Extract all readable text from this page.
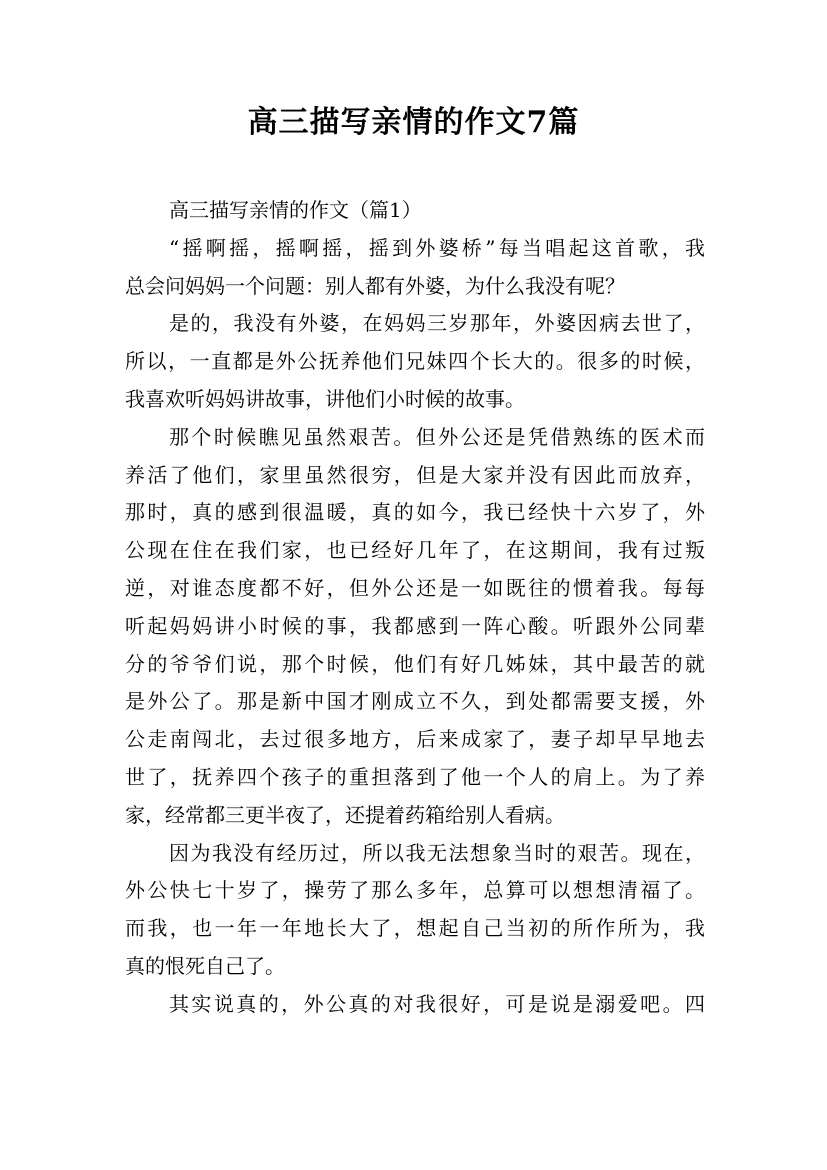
高三描写亲情的作文7篇
高三描写亲情的作文（篇1）
“摇啊摇，摇啊摇，摇到外婆桥”每当唱起这首歌，我
总会问妈妈一个问题：别人都有外婆，为什么我没有呢？
是的，我没有外婆，在妈妈三岁那年，外婆因病去世了，
所以，一直都是外公抚养他们兄妹四个长大的。很多的时候，
我喜欢听妈妈讲故事，讲他们小时候的故事。
那个时候瞧见虽然艰苦。但外公还是凭借熟练的医术而
养活了他们，家里虽然很穷，但是大家并没有因此而放弃，
那时，真的感到很温暖，真的如今，我已经快十六岁了，外
公现在住在我们家，也已经好几年了，在这期间，我有过叛
逆，对谁态度都不好，但外公还是一如既往的惯着我。每每
听起妈妈讲小时候的事，我都感到一阵心酸。听跟外公同辈
分的爷爷们说，那个时候，他们有好几姊妹，其中最苦的就
是外公了。那是新中国才刚成立不久，到处都需要支援，外
公走南闯北，去过很多地方，后来成家了，妻子却早早地去
世了，抚养四个孩子的重担落到了他一个人的肩上。为了养
家，经常都三更半夜了，还提着药箱给别人看病。
因为我没有经历过，所以我无法想象当时的艰苦。现在，
外公快七十岁了，操劳了那么多年，总算可以想想清福了。
而我，也一年一年地长大了，想起自己当初的所作所为，我
真的恨死自己了。
其实说真的，外公真的对我很好，可是说是溺爱吧。四
